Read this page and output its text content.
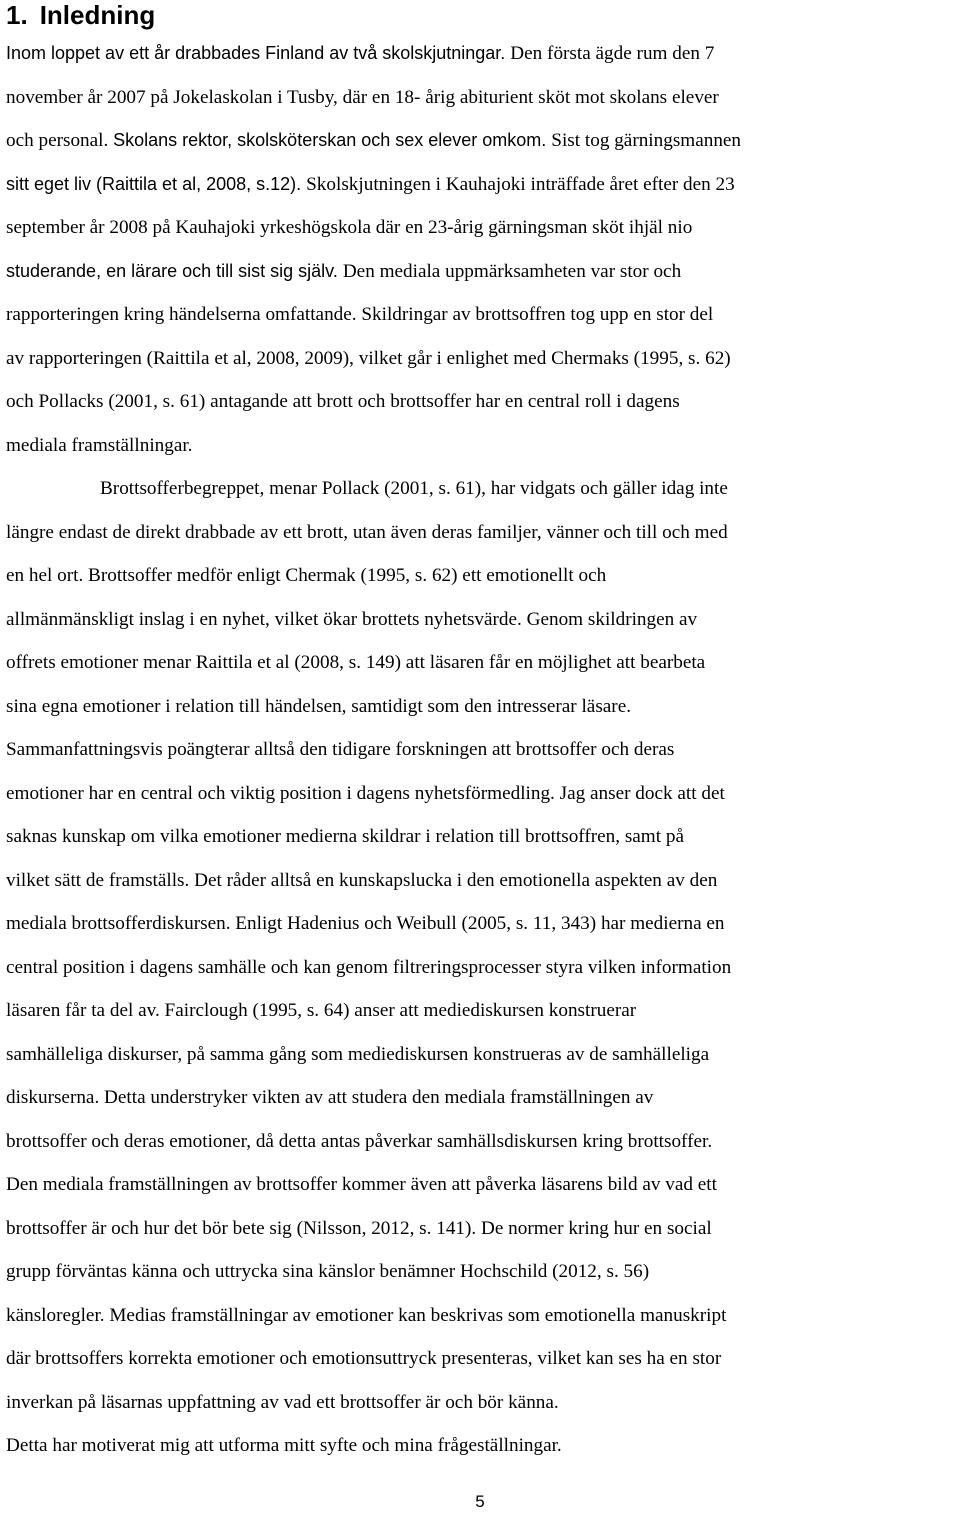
1. Inledning
Inom loppet av ett år drabbades Finland av två skolskjutningar. Den första ägde rum den 7
november år 2007 på Jokelaskolan i Tusby, där en 18- årig abiturient sköt mot skolans elever
och personal. Skolans rektor, skolsköterskan och sex elever omkom. Sist tog gärningsmannen
sitt eget liv (Raittila et al, 2008, s.12). Skolskjutningen i Kauhajoki inträffade året efter den 23
september år 2008 på Kauhajoki yrkeshögskola där en 23-årig gärningsman sköt ihjäl nio
studerande, en lärare och till sist sig själv. Den mediala uppmärksamheten var stor och
rapporteringen kring händelserna omfattande. Skildringar av brottsoffren tog upp en stor del
av rapporteringen (Raittila et al, 2008, 2009), vilket går i enlighet med Chermaks (1995, s. 62)
och Pollacks (2001, s. 61) antagande att brott och brottsoffer har en central roll i dagens
mediala framställningar.
Brottsofferbegreppet, menar Pollack (2001, s. 61), har vidgats och gäller idag inte
längre endast de direkt drabbade av ett brott, utan även deras familjer, vänner och till och med
en hel ort. Brottsoffer medför enligt Chermak (1995, s. 62) ett emotionellt och
allmänmänskligt inslag i en nyhet, vilket ökar brottets nyhetsvärde. Genom skildringen av
offrets emotioner menar Raittila et al (2008, s. 149) att läsaren får en möjlighet att bearbeta
sina egna emotioner i relation till händelsen, samtidigt som den intresserar läsare.
Sammanfattningsvis poängterar alltså den tidigare forskningen att brottsoffer och deras
emotioner har en central och viktig position i dagens nyhetsförmedling. Jag anser dock att det
saknas kunskap om vilka emotioner medierna skildrar i relation till brottsoffren, samt på
vilket sätt de framställs. Det råder alltså en kunskapslucka i den emotionella aspekten av den
mediala brottsofferdiskursen. Enligt Hadenius och Weibull (2005, s. 11, 343) har medierna en
central position i dagens samhälle och kan genom filtreringsprocesser styra vilken information
läsaren får ta del av. Fairclough (1995, s. 64) anser att mediediskursen konstruerar
samhälleliga diskurser, på samma gång som mediediskursen konstrueras av de samhälleliga
diskurserna. Detta understryker vikten av att studera den mediala framställningen av
brottsoffer och deras emotioner, då detta antas påverkar samhällsdiskursen kring brottsoffer.
Den mediala framställningen av brottsoffer kommer även att påverka läsarens bild av vad ett
brottsoffer är och hur det bör bete sig (Nilsson, 2012, s. 141). De normer kring hur en social
grupp förväntas känna och uttrycka sina känslor benämner Hochschild (2012, s. 56)
känsloregler. Medias framställningar av emotioner kan beskrivas som emotionella manuskript
där brottsoffers korrekta emotioner och emotionsuttryck presenteras, vilket kan ses ha en stor
inverkan på läsarnas uppfattning av vad ett brottsoffer är och bör känna.
Detta har motiverat mig att utforma mitt syfte och mina frågeställningar.
5
